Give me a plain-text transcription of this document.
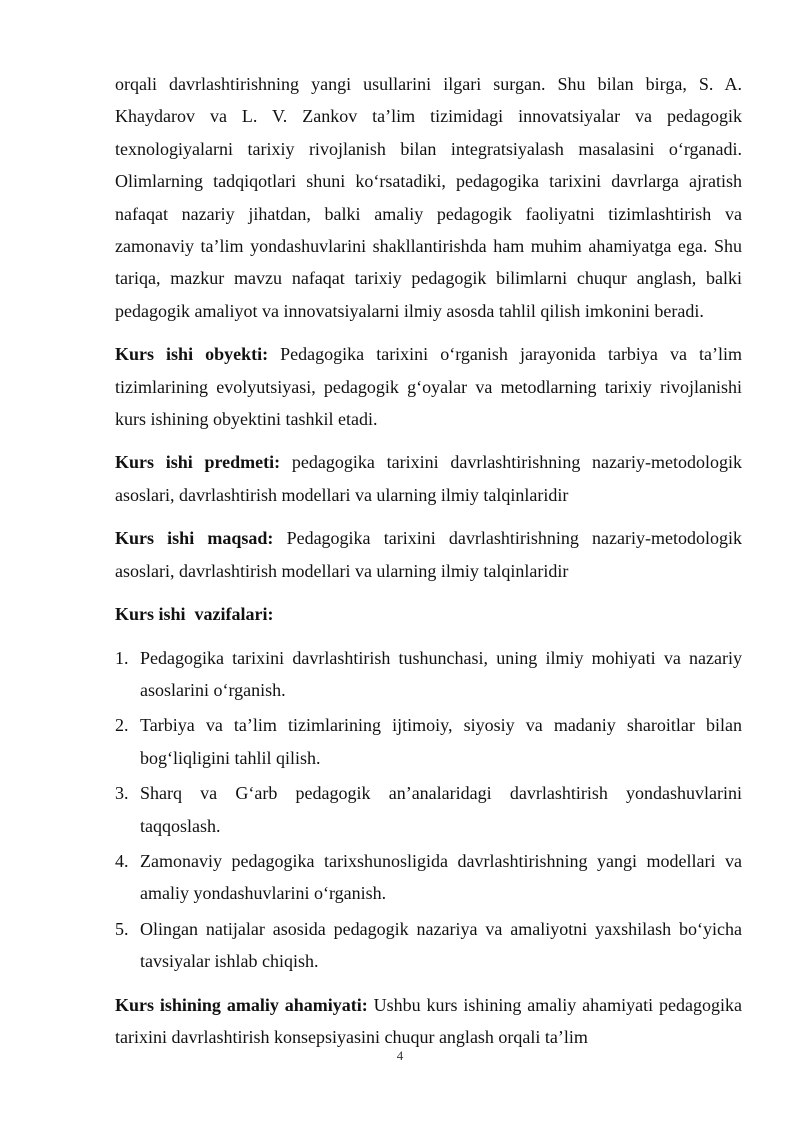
orqali davrlashtirishning yangi usullarini ilgari surgan. Shu bilan birga, S. A. Khaydarov va L. V. Zankov ta’lim tizimidagi innovatsiyalar va pedagogik texnologiyalarni tarixiy rivojlanish bilan integratsiyalash masalasini o‘rganadi. Olimlarning tadqiqotlari shuni ko‘rsatadiki, pedagogika tarixini davrlarga ajratish nafaqat nazariy jihatdan, balki amaliy pedagogik faoliyatni tizimlashtirish va zamonaviy ta’lim yondashuvlarini shakllantirishda ham muhim ahamiyatga ega. Shu tariqa, mazkur mavzu nafaqat tarixiy pedagogik bilimlarni chuqur anglash, balki pedagogik amaliyot va innovatsiyalarni ilmiy asosda tahlil qilish imkonini beradi.

Kurs ishi obyekti: Pedagogika tarixini o‘rganish jarayonida tarbiya va ta’lim tizimlarining evolyutsiyasi, pedagogik g‘oyalar va metodlarning tarixiy rivojlanishi kurs ishining obyektini tashkil etadi.

Kurs ishi predmeti: pedagogika tarixini davrlashtirishning nazariy-metodologik asoslari, davrlashtirish modellari va ularning ilmiy talqinlaridir

Kurs ishi maqsad: Pedagogika tarixini davrlashtirishning nazariy-metodologik asoslari, davrlashtirish modellari va ularning ilmiy talqinlaridir

Kurs ishi  vazifalari:

1. Pedagogika tarixini davrlashtirish tushunchasi, uning ilmiy mohiyati va nazariy asoslarini o‘rganish.
2. Tarbiya va ta’lim tizimlarining ijtimoiy, siyosiy va madaniy sharoitlar bilan bog‘liqligini tahlil qilish.
3. Sharq va G‘arb pedagogik an’analaridagi davrlashtirish yondashuvlarini taqqoslash.
4. Zamonaviy pedagogika tarixshunosligida davrlashtirishning yangi modellari va amaliy yondashuvlarini o‘rganish.
5. Olingan natijalar asosida pedagogik nazariya va amaliyotni yaxshilash bo‘yicha tavsiyalar ishlab chiqish.

Kurs ishining amaliy ahamiyati: Ushbu kurs ishining amaliy ahamiyati pedagogika tarixini davrlashtirish konsepsiyasini chuqur anglash orqali ta’lim

4
